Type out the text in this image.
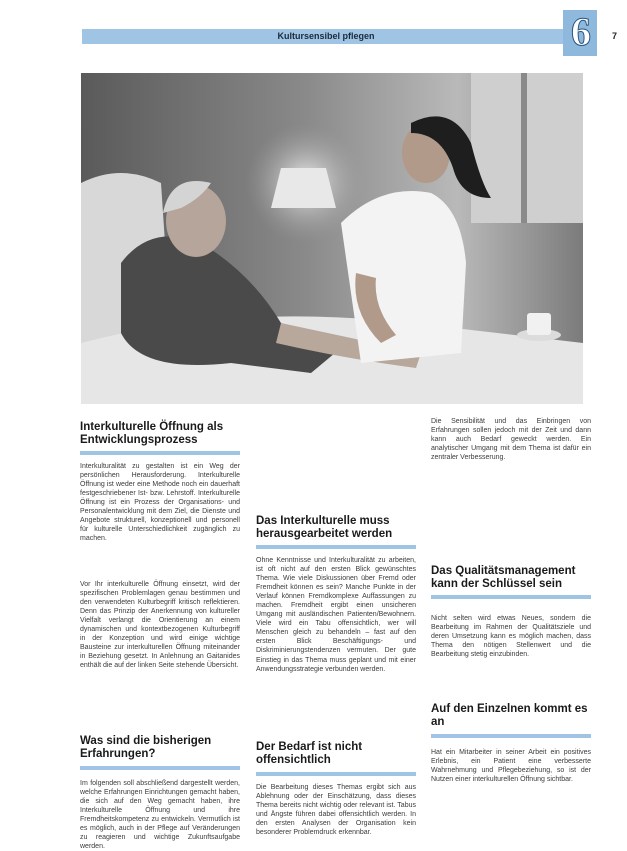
Kultursensibel pflegen	6	7
Interkulturelle Öffnung als Entwicklungsprozess
Interkulturalität zu gestalten ist ein Weg der persönlichen Herausforderung. Interkulturelle Öffnung ist weder eine Methode noch ein dauerhaft festgeschriebener Ist- bzw. Lehrstoff. Interkulturelle Öffnung ist ein Prozess der Organisations- und Personalentwicklung mit dem Ziel, die Dienste und Angebote strukturell, konzeptionell und personell für kulturelle Unterschiedlichkeit zugänglich zu machen.
Vor Ihr interkulturelle Öffnung einsetzt, wird der spezifischen Problemlagen genau bestimmen und den verwendeten Kulturbegriff kritisch reflektieren. Denn das Prinzip der Anerkennung von kultureller Vielfalt verlangt die Orientierung an einem dynamischen und kontextbezogenen Kulturbegriff in der Konzeption und wird einige wichtige Bausteine zur interkulturellen Öffnung miteinander in Beziehung gesetzt. In Anlehnung an Gaitanides enthält die auf der linken Seite stehende Übersicht.
Was sind die bisherigen Erfahrungen?
Im folgenden soll abschließend dargestellt werden, welche Erfahrungen Einrichtungen gemacht haben, die sich auf den Weg gemacht haben, ihre Interkulturelle Öffnung und ihre Fremdheitskompetenz zu entwickeln. Vermutlich ist es möglich, auch in der Pflege auf Veränderungen zu reagieren und wichtige Zukunftsaufgabe werden.
Das Interkulturelle muss herausgearbeitet werden
Ohne Kenntnisse und Interkulturalität zu arbeiten, ist oft nicht auf den ersten Blick gewünschtes Thema. Wie viele Diskussionen über Fremd oder Fremdheit können es sein? Manche Punkte in der Verlauf können Fremdkomplexe Auffassungen zu machen. Fremdheit ergibt einen unsicheren Umgang mit ausländischen Patienten/Bewohnern. Viele wird ein Tabu offensichtlich, wer will Menschen gleich zu behandeln – fast auf den ersten Blick Beschäftigungs- und Diskriminierungstendenzen vermuten. Der gute Einstieg in das Thema muss geplant und mit einer Anwendungsstrategie verbunden werden.
Der Bedarf ist nicht offensichtlich
Die Bearbeitung dieses Themas ergibt sich aus Ablehnung oder der Einschätzung, dass dieses Thema bereits nicht wichtig oder relevant ist. Tabus und Ängste führen dabei offensichtlich werden. In den ersten Analysen der Organisation kein besonderer Problemdruck erkennbar.
Die Sensibilität und das Einbringen von Erfahrungen sollen jedoch mit der Zeit und dann kann auch Bedarf geweckt werden. Ein analytischer Umgang mit dem Thema ist dafür ein zentraler Verbesserung.
Das Qualitätsmanagement kann der Schlüssel sein
Nicht selten wird etwas Neues, sondern die Bearbeitung im Rahmen der Qualitätsziele und deren Umsetzung kann es möglich machen, dass Thema den nötigen Stellenwert und die Bearbeitung stetig einzubinden.
Auf den Einzelnen kommt es an
Hat ein Mitarbeiter in seiner Arbeit ein positives Erlebnis, ein Patient eine verbesserte Wahrnehmung und Pflegebeziehung, so ist der Nutzen einer interkulturellen Öffnung sichtbar.
